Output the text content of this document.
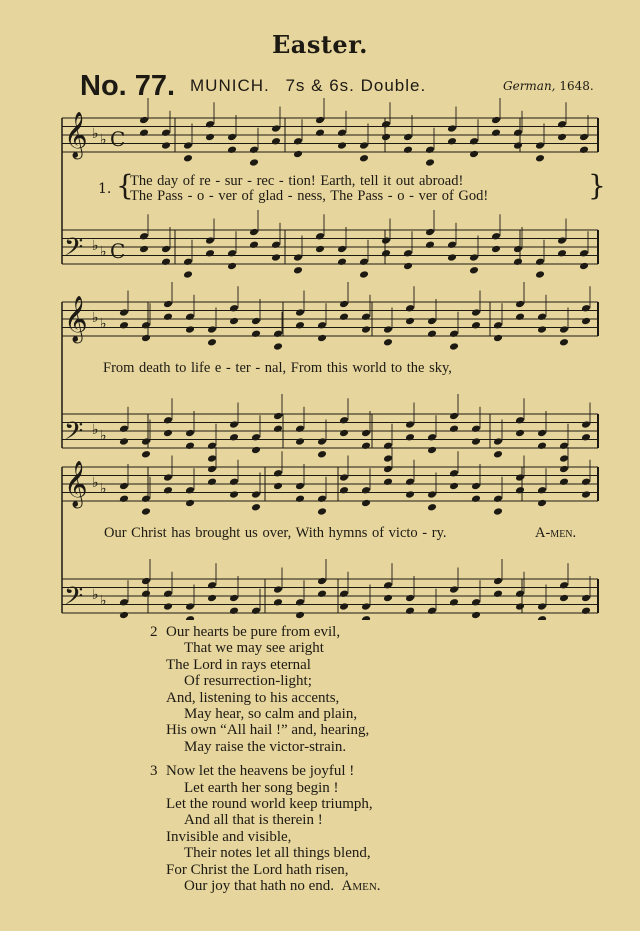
Easter.
No. 77. MUNICH. 7s & 6s. Double.	German, 1648.
𝄞 ♭ ♭ C
𝄢 ♭ ♭ C
𝄞 ♭ ♭
𝄢 ♭ ♭
𝄞 ♭ ♭
𝄢 ♭ ♭
1. {
The day of re - sur - rec - tion! Earth, tell it out abroad!
The Pass - o - ver of glad - ness, The Pass - o - ver of God!	}
From death to life e - ter - nal, From this world to the sky,
Our Christ has brought us over, With hymns of victo - ry.	A-men.
2 Our hearts be pure from evil,
That we may see aright
The Lord in rays eternal
Of resurrection-light;
And, listening to his accents,
May hear, so calm and plain,
His own “All hail !” and, hearing,
May raise the victor-strain.
3 Now let the heavens be joyful !
Let earth her song begin !
Let the round world keep triumph,
And all that is therein !
Invisible and visible,
Their notes let all things blend,
For Christ the Lord hath risen,
Our joy that hath no end. Amen.
